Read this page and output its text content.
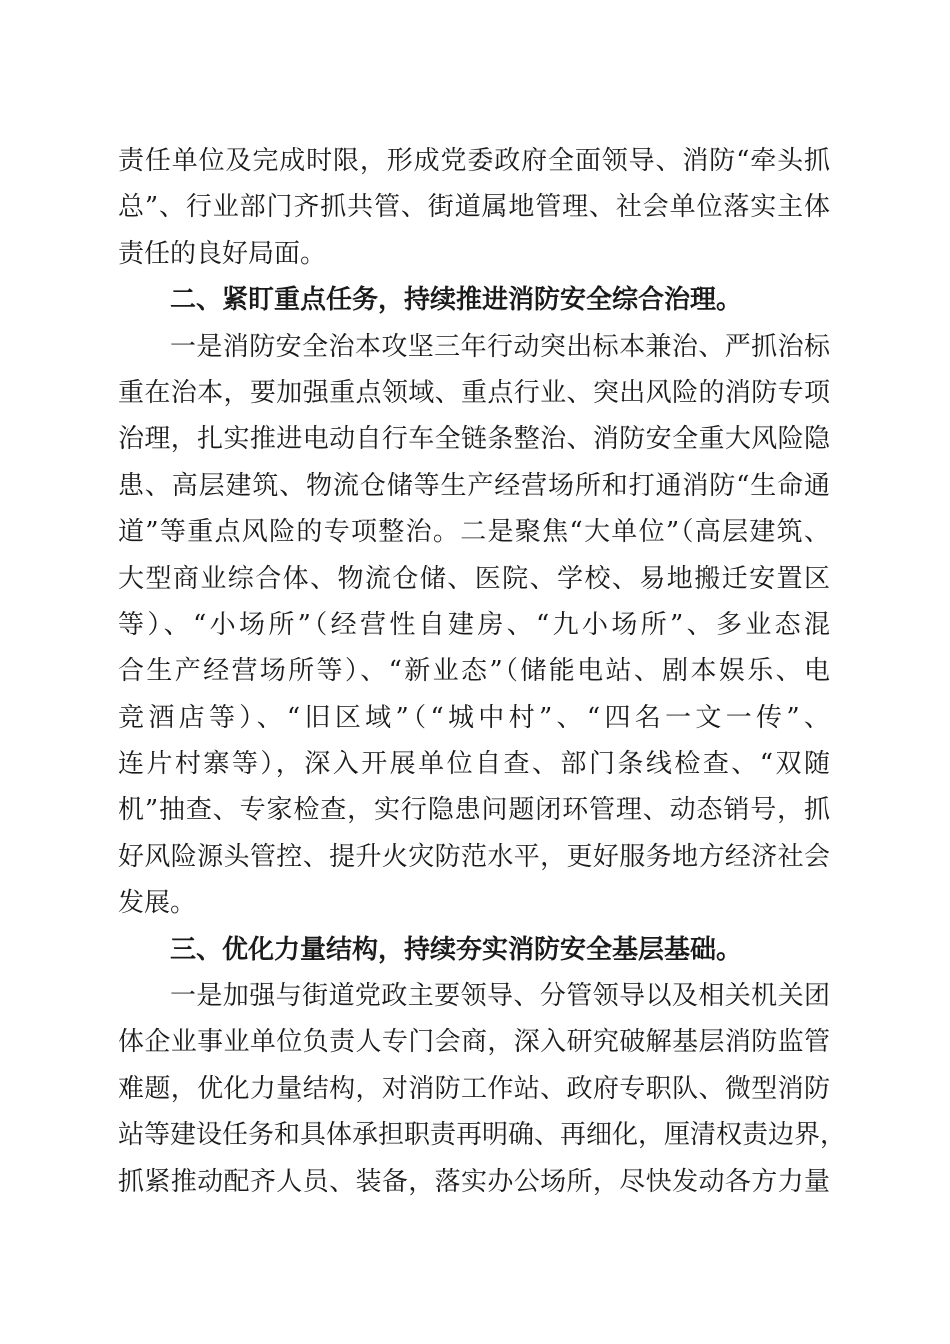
责任单位及完成时限，形成党委政府全面领导、消防“牵头抓
总”、行业部门齐抓共管、街道属地管理、社会单位落实主体
责任的良好局面。
二、紧盯重点任务，持续推进消防安全综合治理。
一是消防安全治本攻坚三年行动突出标本兼治、严抓治标
重在治本，要加强重点领域、重点行业、突出风险的消防专项
治理，扎实推进电动自行车全链条整治、消防安全重大风险隐
患、高层建筑、物流仓储等生产经营场所和打通消防“生命通
道”等重点风险的专项整治。二是聚焦“大单位”（高层建筑、
大型商业综合体、物流仓储、医院、学校、易地搬迁安置区
等）、“小场所”（经营性自建房、“九小场所”、多业态混
合生产经营场所等）、“新业态”（储能电站、剧本娱乐、电
竞酒店等）、“旧区域”（“城中村”、“四名一文一传”、
连片村寨等），深入开展单位自查、部门条线检查、“双随
机”抽查、专家检查，实行隐患问题闭环管理、动态销号，抓
好风险源头管控、提升火灾防范水平，更好服务地方经济社会
发展。
三、优化力量结构，持续夯实消防安全基层基础。
一是加强与街道党政主要领导、分管领导以及相关机关团
体企业事业单位负责人专门会商，深入研究破解基层消防监管
难题，优化力量结构，对消防工作站、政府专职队、微型消防
站等建设任务和具体承担职责再明确、再细化，厘清权责边界，
抓紧推动配齐人员、装备，落实办公场所，尽快发动各方力量
